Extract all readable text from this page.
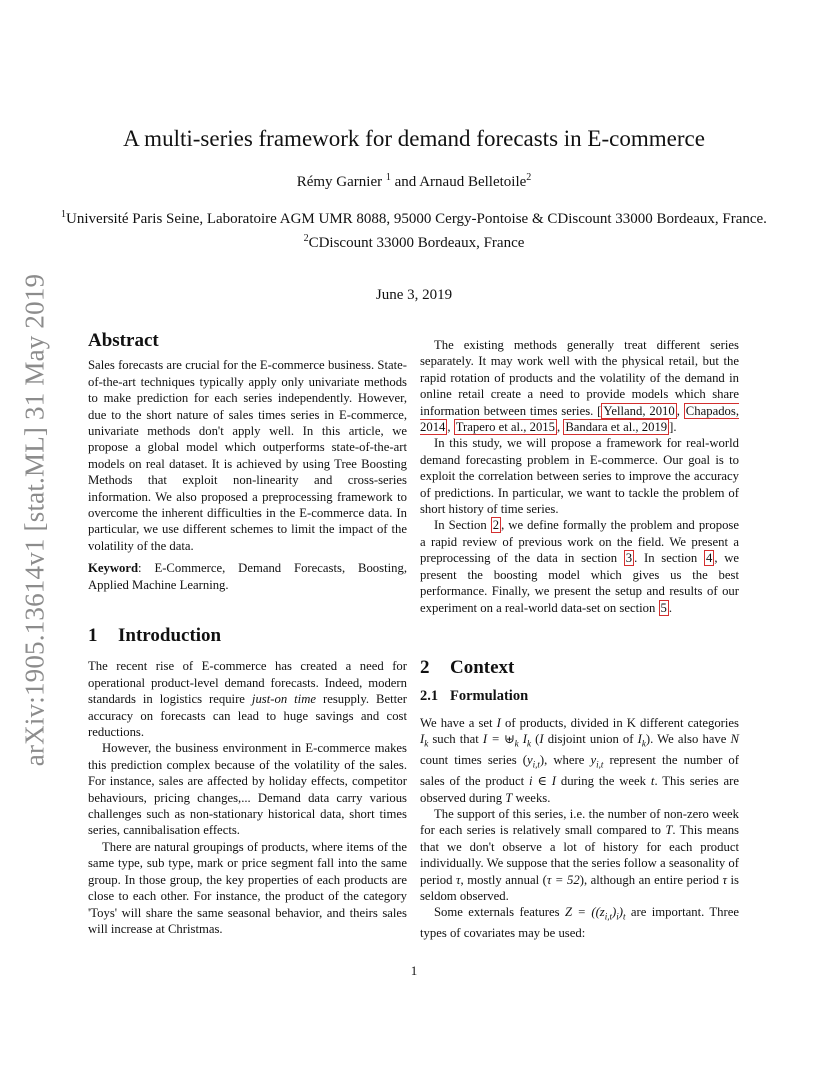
arXiv:1905.13614v1 [stat.ML] 31 May 2019
A multi-series framework for demand forecasts in E-commerce
Rémy Garnier $^1$ and Arnaud Belletoile$^2$

$^1$Université Paris Seine, Laboratoire AGM UMR 8088, 95000 Cergy-Pontoise & CDiscount 33000 Bordeaux, France.

$^2$CDiscount 33000 Bordeaux, France

June 3, 2019
Abstract

Sales forecasts are crucial for the E-commerce business. State-of-the-art techniques typically apply only univariate methods to make prediction for each series independently. However, due to the short nature of sales times series in E-commerce, univariate methods don't apply well. In this article, we propose a global model which outperforms state-of-the-art models on real dataset. It is achieved by using Tree Boosting Methods that exploit non-linearity and cross-series information. We also proposed a preprocessing framework to overcome the inherent difficulties in the E-commerce data. In particular, we use different schemes to limit the impact of the volatility of the data.

Keyword: E-Commerce, Demand Forecasts, Boosting, Applied Machine Learning.

1 Introduction

The recent rise of E-commerce has created a need for operational product-level demand forecasts. Indeed, modern standards in logistics require just-on time resupply. Better accuracy on forecasts can lead to huge savings and cost reductions.

However, the business environment in E-commerce makes this prediction complex because of the volatility of the sales. For instance, sales are affected by holiday effects, competitor behaviours, pricing changes,... Demand data carry various challenges such as non-stationary historical data, short times series, cannibalisation effects.

There are natural groupings of products, where items of the same type, sub type, mark or price segment fall into the same group. In those group, the key properties of each products are close to each other. For instance, the product of the category 'Toys' will share the same seasonal behavior, and theirs sales will increase at Christmas.

The existing methods generally treat different series separately. It may work well with the physical retail, but the rapid rotation of products and the volatility of the demand in online retail create a need to provide models which share information between times series. [ Yelland, 2010 , Chapados, 2014 , Trapero et al., 2015 , Bandara et al., 2019 ].

In this study, we will propose a framework for real-world demand forecasting problem in E-commerce. Our goal is to exploit the correlation between series to improve the accuracy of predictions. In particular, we want to tackle the problem of short history of time series.

In Section 2 , we define formally the problem and propose a rapid review of previous work on the field. We present a preprocessing of the data in section 3 . In section 4 , we present the boosting model which gives us the best performance. Finally, we present the setup and results of our experiment on a real-world data-set on section 5 .

2 Context
2.1 Formulation

We have a set I of products, divided in K different categories $I_k$ such that $I = ⊎_k$ $I_k$ (I disjoint union of $I_k$). We also have N count times series $(y_{i,t})$, where $y_{i,t}$ represent the number of sales of the product i ∈ I during the week t. This series are observed during T weeks.

The support of this series, i.e. the number of non-zero week for each series is relatively small compared to T. This means that we don't observe a lot of history for each product individually. We suppose that the series follow a seasonality of period τ, mostly annual (τ = 52), although an entire period τ is seldom observed.

Some externals features $Z = ((z_{i,t})_i)_t$ are important. Three types of covariates may be used:

1
